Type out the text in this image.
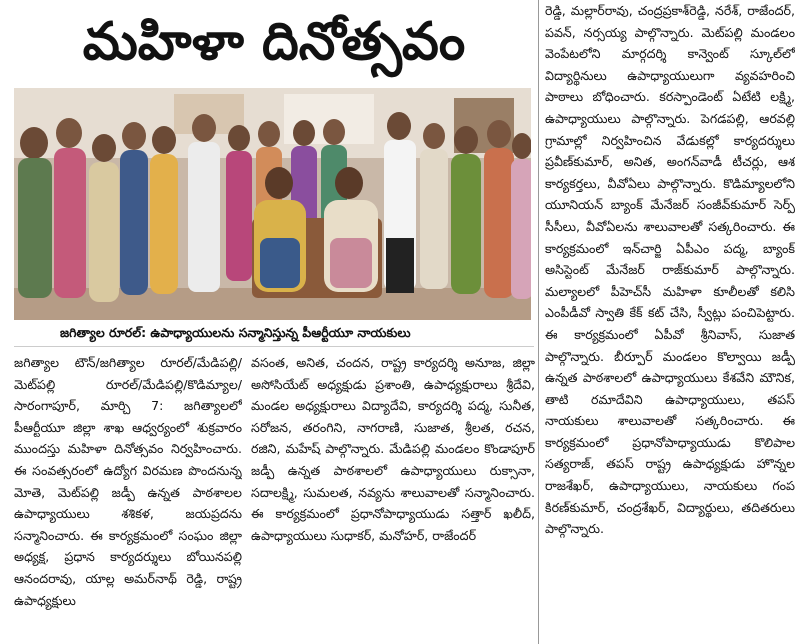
మహిళా దినోత్సవం
జగిత్యాల రూరల్: ఉపాధ్యాయులను సన్మానిస్తున్న పీఆర్టీయూ నాయకులు

జగిత్యాల టౌన్/జగిత్యాల రూరల్/మేడిపల్లి/మెట్‌పల్లి రూరల్/మేడిపల్లి/కొడిమ్యాల/సారంగాపూర్, మార్చి 7: జగిత్యాలలో పీఆర్టీయూ జిల్లా శాఖ ఆధ్వర్యంలో శుక్రవారం ముందస్తు మహిళా దినోత్సవం నిర్వహించారు. ఈ సంవత్సరంలో ఉద్యోగ విరమణ పొందనున్న మోతె, మెట్‌పల్లి జడ్పీ ఉన్నత పాఠశాలల ఉపాధ్యాయులు శశికళ, జయప్రదను సన్మానించారు. ఈ కార్యక్రమంలో సంఘం జిల్లా అధ్యక్ష, ప్రధాన కార్యదర్శులు బోయినపల్లి ఆనందరావు, యాల్ల అమర్‌నాథ్ రెడ్డి, రాష్ట్ర ఉపాధ్యక్షులు

వసంత, అనిత, చందన, రాష్ట్ర కార్యదర్శి అనూజ, జిల్లా అసోసియేట్ అధ్యక్షుడు ప్రశాంతి, ఉపాధ్యక్షురాలు శ్రీదేవి, మండల అధ్యక్షురాలు విద్యాదేవి, కార్యదర్శి పద్మ, సునీత, సరోజన, తరంగిని, నాగరాణి, సుజాత, శ్రీలత, రచన, రజిని, మహేష్ పాల్గొన్నారు. మేడిపల్లి మండలం కొండాపూర్ జడ్పీ ఉన్నత పాఠశాలలో ఉపాధ్యాయులు రుక్సానా, సదాలక్ష్మి, సుమలత, నవ్యను శాలువాలతో సన్మానించారు. ఈ కార్యక్రమంలో ప్రధానోపాధ్యాయుడు సత్తార్ ఖలీద్, ఉపాధ్యాయులు సుధాకర్, మనోహర్, రాజేందర్

రెడ్డి, మల్లార్‌రావు, చంద్రప్రకాశ్‌రెడ్డి, నరేశ్, రాజేందర్, పవన్, నర్సయ్య పాల్గొన్నారు. మెట్‌పల్లి మండలం వెంపేటలోని మార్గదర్శి కాన్వెంట్ స్కూల్‌లో విద్యార్థినులు ఉపాధ్యాయులుగా వ్యవహరించి పాఠాలు బోధించారు. కరస్పాండెంట్ ఏటేటి లక్ష్మి, ఉపాధ్యాయులు పాల్గొన్నారు. పెగడపల్లి, ఆరవల్లి గ్రామాల్లో నిర్వహించిన వేడుకల్లో కార్యదర్శులు ప్రవీణ్‌కుమార్, అనిత, అంగన్‌వాడీ టీచర్లు, ఆశ కార్యకర్తలు, వీవోఏలు పాల్గొన్నారు. కొడిమ్యాలలోని యూనియన్ బ్యాంక్ మేనేజర్ సంజీవ్‌కుమార్ సెర్ప్ సీసీలు, వీవోఏలను శాలువాలతో సత్కరించారు. ఈ కార్యక్రమంలో ఇన్‌చార్జి ఏపీఎం పద్మ, బ్యాంక్ అసిస్టెంట్ మేనేజర్ రాజ్‌కుమార్ పాల్గొన్నారు. మల్యాలలో పీహెచ్‌సీ మహిళా కూలీలతో కలిసి ఎంపీడీవో స్వాతి కేక్ కట్ చేసి, స్వీట్లు పంచిపెట్టారు. ఈ కార్యక్రమంలో ఏపీవో శ్రీనివాస్, సుజాత పాల్గొన్నారు. బీర్పూర్ మండలం కొల్వాయి జడ్పీ ఉన్నత పాఠశాలలో ఉపాధ్యాయులు కేశవేని మౌనిక, తాటి రమాదేవిని ఉపాధ్యాయులు, తపస్ నాయకులు శాలువాలతో సత్కరించారు. ఈ కార్యక్రమంలో ప్రధానోపాధ్యాయుడు కొలిపాల సత్యరాజ్, తపస్ రాష్ట్ర ఉపాధ్యక్షుడు హొన్నల రాజశేఖర్, ఉపాధ్యాయులు, నాయకులు గంప కిరణ్‌కుమార్, చంద్రశేఖర్, విద్యార్థులు, తదితరులు పాల్గొన్నారు.
